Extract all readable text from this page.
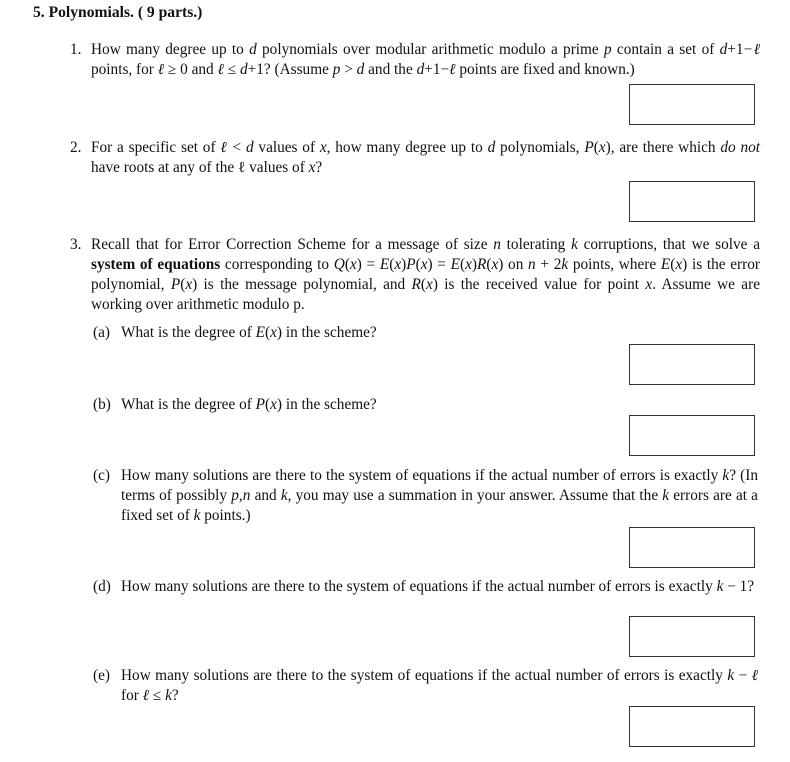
5. Polynomials. ( 9 parts.)
1. How many degree up to d polynomials over modular arithmetic modulo a prime p contain a set of d+1−ℓ points, for ℓ ≥ 0 and ℓ ≤ d+1? (Assume p > d and the d+1−ℓ points are fixed and known.)
2. For a specific set of ℓ < d values of x, how many degree up to d polynomials, P(x), are there which do not have roots at any of the ℓ values of x?
3. Recall that for Error Correction Scheme for a message of size n tolerating k corruptions, that we solve a system of equations corresponding to Q(x) = E(x)P(x) = E(x)R(x) on n + 2k points, where E(x) is the error polynomial, P(x) is the message polynomial, and R(x) is the received value for point x. Assume we are working over arithmetic modulo p.
(a) What is the degree of E(x) in the scheme?
(b) What is the degree of P(x) in the scheme?
(c) How many solutions are there to the system of equations if the actual number of errors is exactly k? (In terms of possibly p,n and k, you may use a summation in your answer. Assume that the k errors are at a fixed set of k points.)
(d) How many solutions are there to the system of equations if the actual number of errors is exactly k − 1?
(e) How many solutions are there to the system of equations if the actual number of errors is exactly k − ℓ for ℓ ≤ k?
